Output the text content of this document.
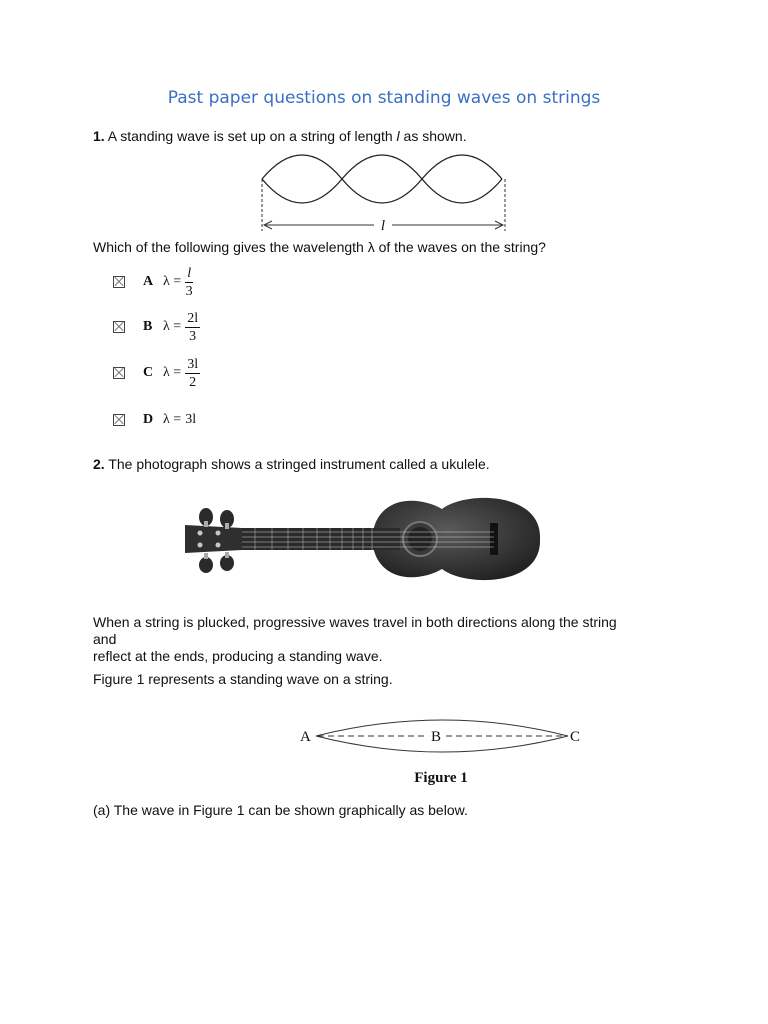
Past paper questions on standing waves on strings
1. A standing wave is set up on a string of length l as shown.
l
Which of the following gives the wavelength λ of the waves on the string?
A $\lambda = \frac{l}{3}$
B $\lambda = \frac{2l}{3}$
C $\lambda = \frac{3l}{2}$
D λ = 3l
2. The photograph shows a stringed instrument called a ukulele.
When a string is plucked, progressive waves travel in both directions along the string
and
reflect at the ends, producing a standing wave.
Figure 1 represents a standing wave on a string.
A	B	C
Figure 1
(a) The wave in Figure 1 can be shown graphically as below.
